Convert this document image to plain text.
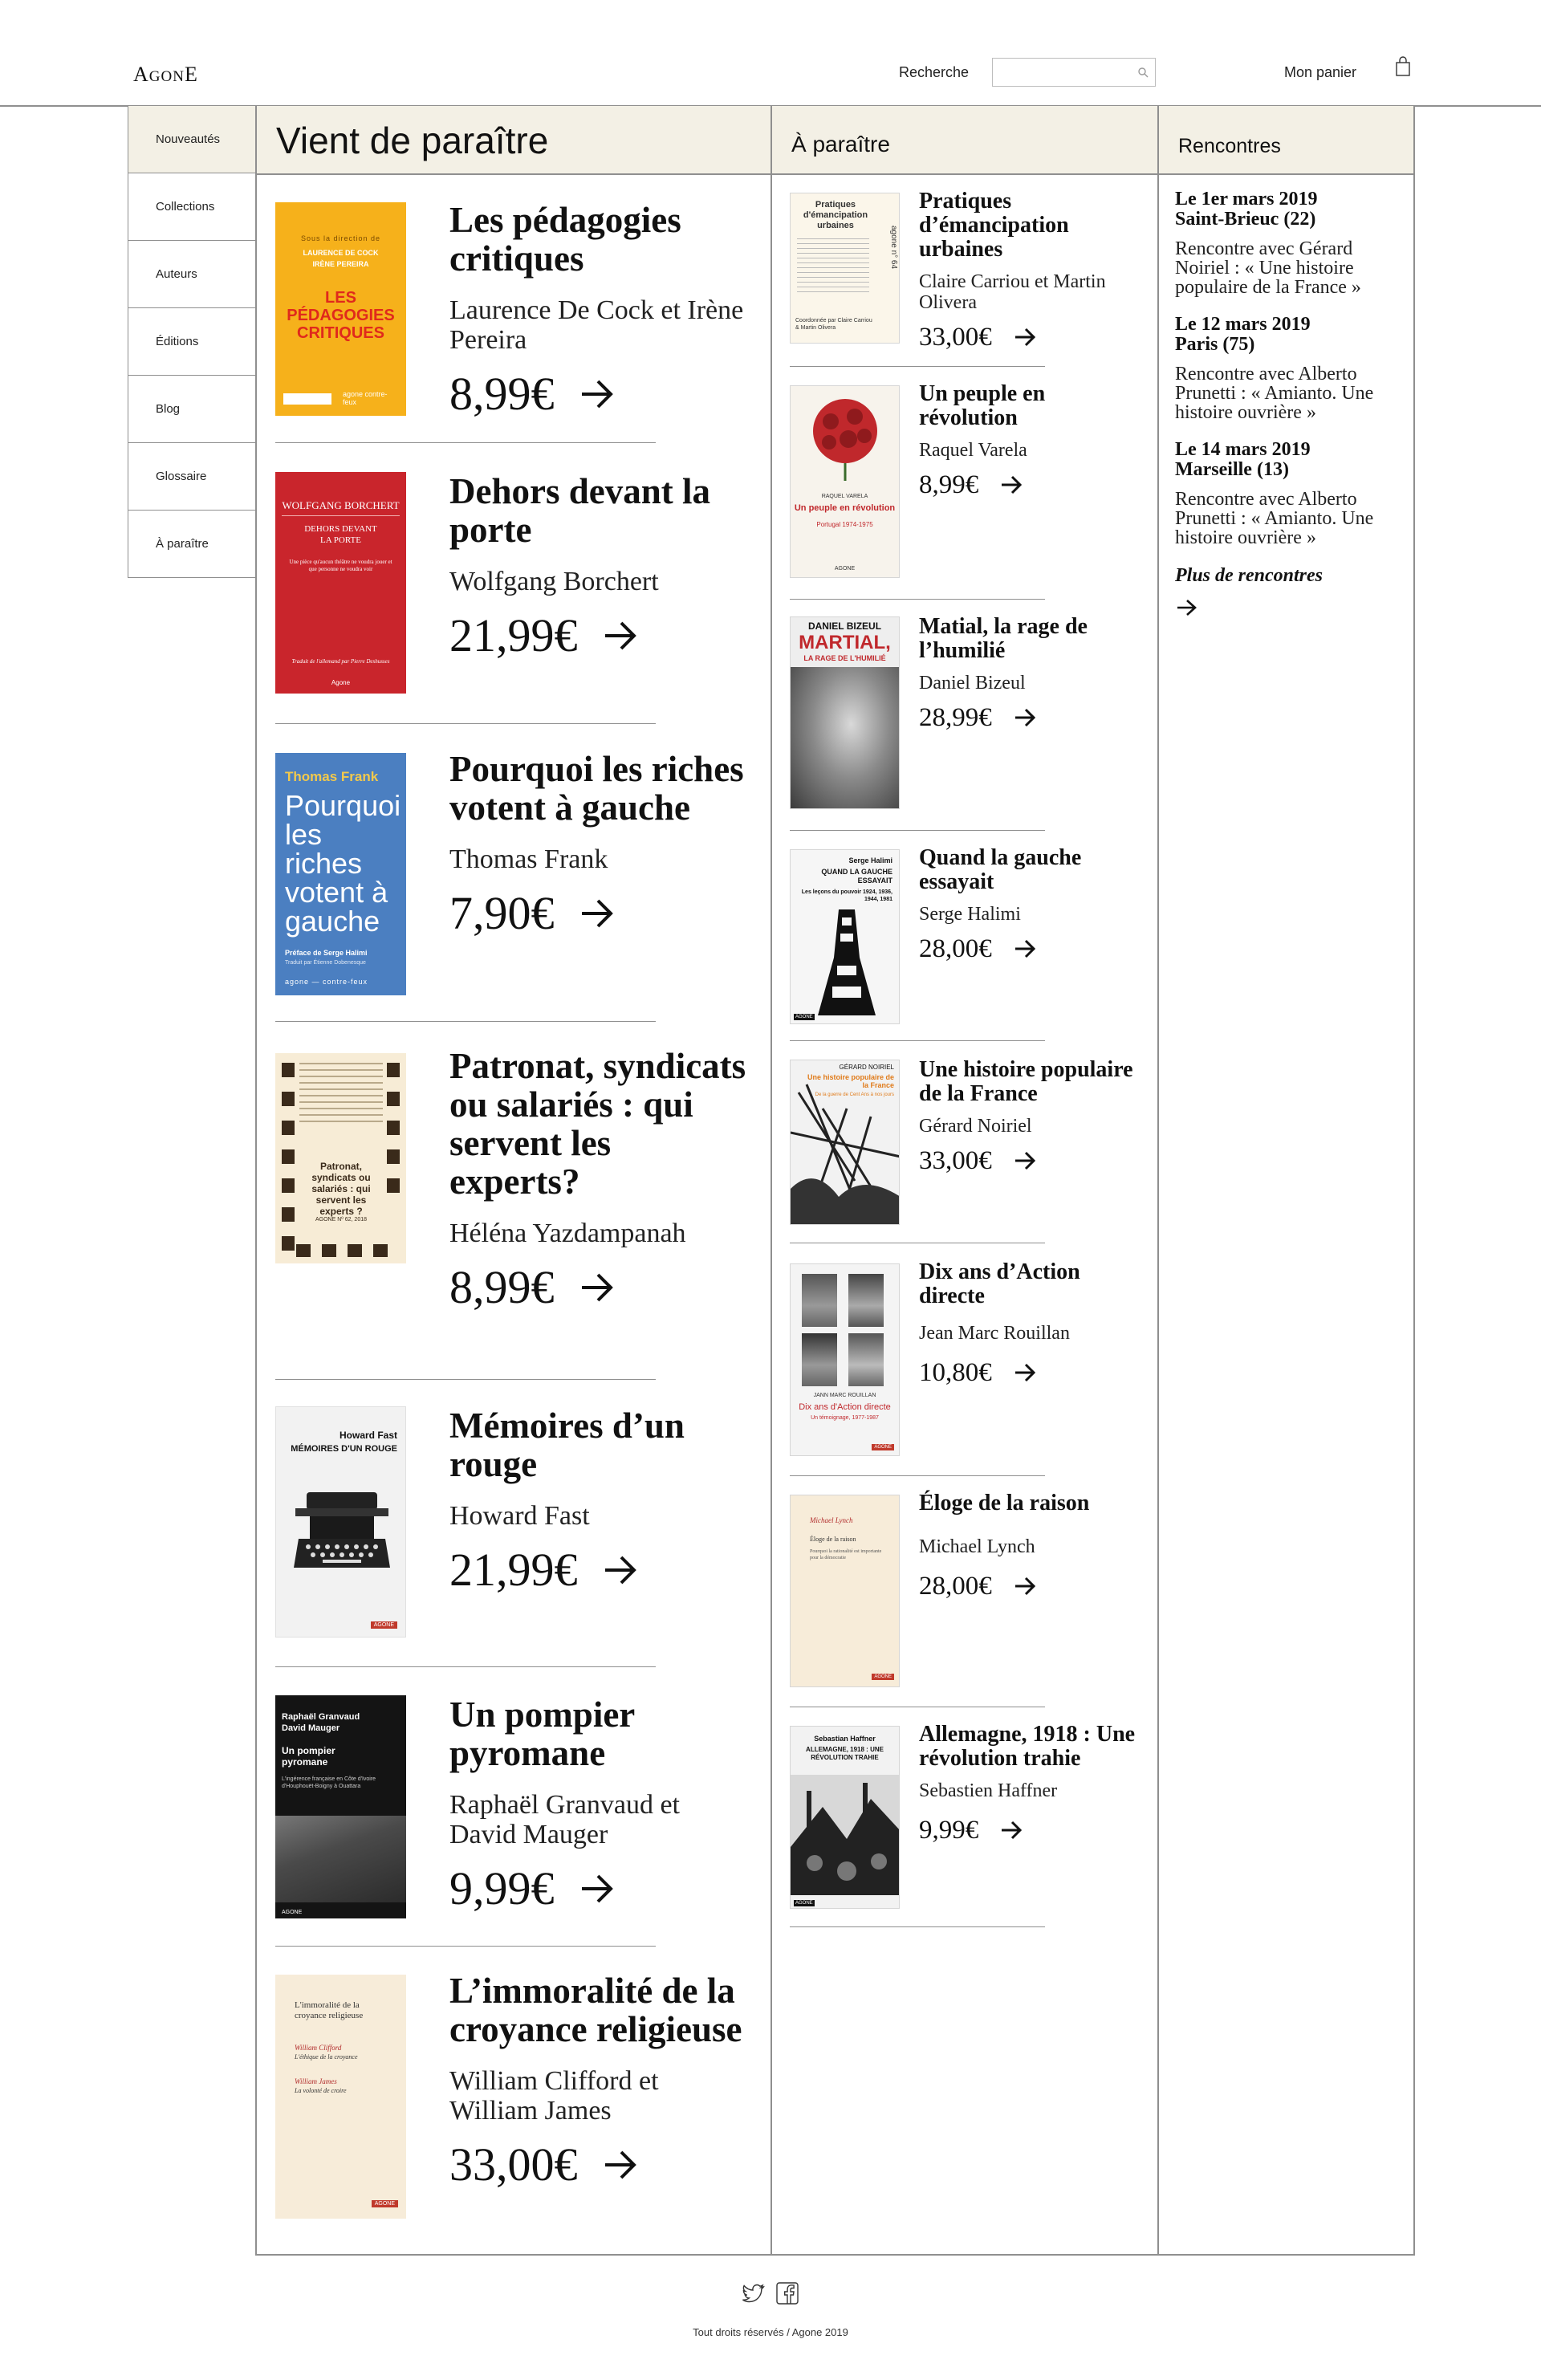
AGONE	Recherche	Mon panier
Nouveautés
Collections
Auteurs
Éditions
Blog
Glossaire
À paraître
Vient de paraître	À paraître	Rencontres
Sous la direction de
LAURENCE DE COCK
IRÈNE PEREIRA
LES PÉDAGOGIES CRITIQUES
agone contre-feux
Les pédagogies critiques
Laurence De Cock et Irène Pereira
8,99€
WOLFGANG BORCHERT
DEHORS DEVANT LA PORTE
Une pièce qu'aucun théâtre ne voudra jouer et que personne ne voudra voir
Traduit de l'allemand par Pierre Deshusses
Agone
Dehors devant la porte
Wolfgang Borchert
21,99€
Thomas Frank
Pourquoi les riches votent à gauche
Préface de Serge Halimi
Traduit par Étienne Dobenesque
agone — contre-feux
Pourquoi les riches votent à gauche
Thomas Frank
7,90€
Patronat, syndicats ou salariés : qui servent les experts ?
AGONE Nº 62, 2018
Patronat, syndicats ou salariés : qui servent les experts?
Héléna Yazdampanah
8,99€
Howard Fast
MÉMOIRES D'UN ROUGE
AGONE
Mémoires d’un rouge
Howard Fast
21,99€
Raphaël Granvaud
David Mauger
Un pompier pyromane
L'ingérence française en Côte d'Ivoire d'Houphouët-Boigny à Ouattara
AGONE
Un pompier pyromane
Raphaël Granvaud et David Mauger
9,99€
L'immoralité de la croyance religieuse
William Clifford
L'éthique de la croyance
William James
La volonté de croire
AGONE
L’immoralité de la croyance religieuse
William Clifford et William James
33,00€
Pratiques d'émancipation urbaines	agone n° 64
Coordonnée par Claire Carriou & Martin Olivera
Pratiques d’émancipation urbaines
Claire Carriou et Martin Olivera
33,00€
RAQUEL VARELA
Un peuple en révolution
Portugal 1974-1975
AGONE
Un peuple en révolution
Raquel Varela
8,99€
DANIEL BIZEUL
MARTIAL,
LA RAGE DE L'HUMILIÉ
Matial, la rage de l’humilié
Daniel Bizeul
28,99€
Serge Halimi
QUAND LA GAUCHE ESSAYAIT
Les leçons du pouvoir 1924, 1936, 1944, 1981
AGONE
Quand la gauche essayait
Serge Halimi
28,00€
GÉRARD NOIRIEL
Une histoire populaire de la France
De la guerre de Cent Ans à nos jours
Une histoire populaire de la France
Gérard Noiriel
33,00€
JANN MARC ROUILLAN
Dix ans d'Action directe
Un témoignage, 1977-1987
AGONE
Dix ans d’Action directe
Jean Marc Rouillan
10,80€
Michael Lynch
Éloge de la raison
Pourquoi la rationalité est importante pour la démocratie
AGONE
Éloge de la raison
Michael Lynch
28,00€
Sebastian Haffner
ALLEMAGNE, 1918 : UNE RÉVOLUTION TRAHIE
AGONE
Allemagne, 1918 : Une révolution trahie
Sebastien Haffner
9,99€
Le 1er mars 2019
Saint-Brieuc (22)
Rencontre avec Gérard Noiriel : « Une histoire populaire de la France »
Le 12 mars 2019
Paris (75)
Rencontre avec Alberto Prunetti : « Amianto. Une histoire ouvrière »
Le 14 mars 2019
Marseille (13)
Rencontre avec Alberto Prunetti : « Amianto. Une histoire ouvrière »
Plus de rencontres
Tout droits réservés / Agone 2019
